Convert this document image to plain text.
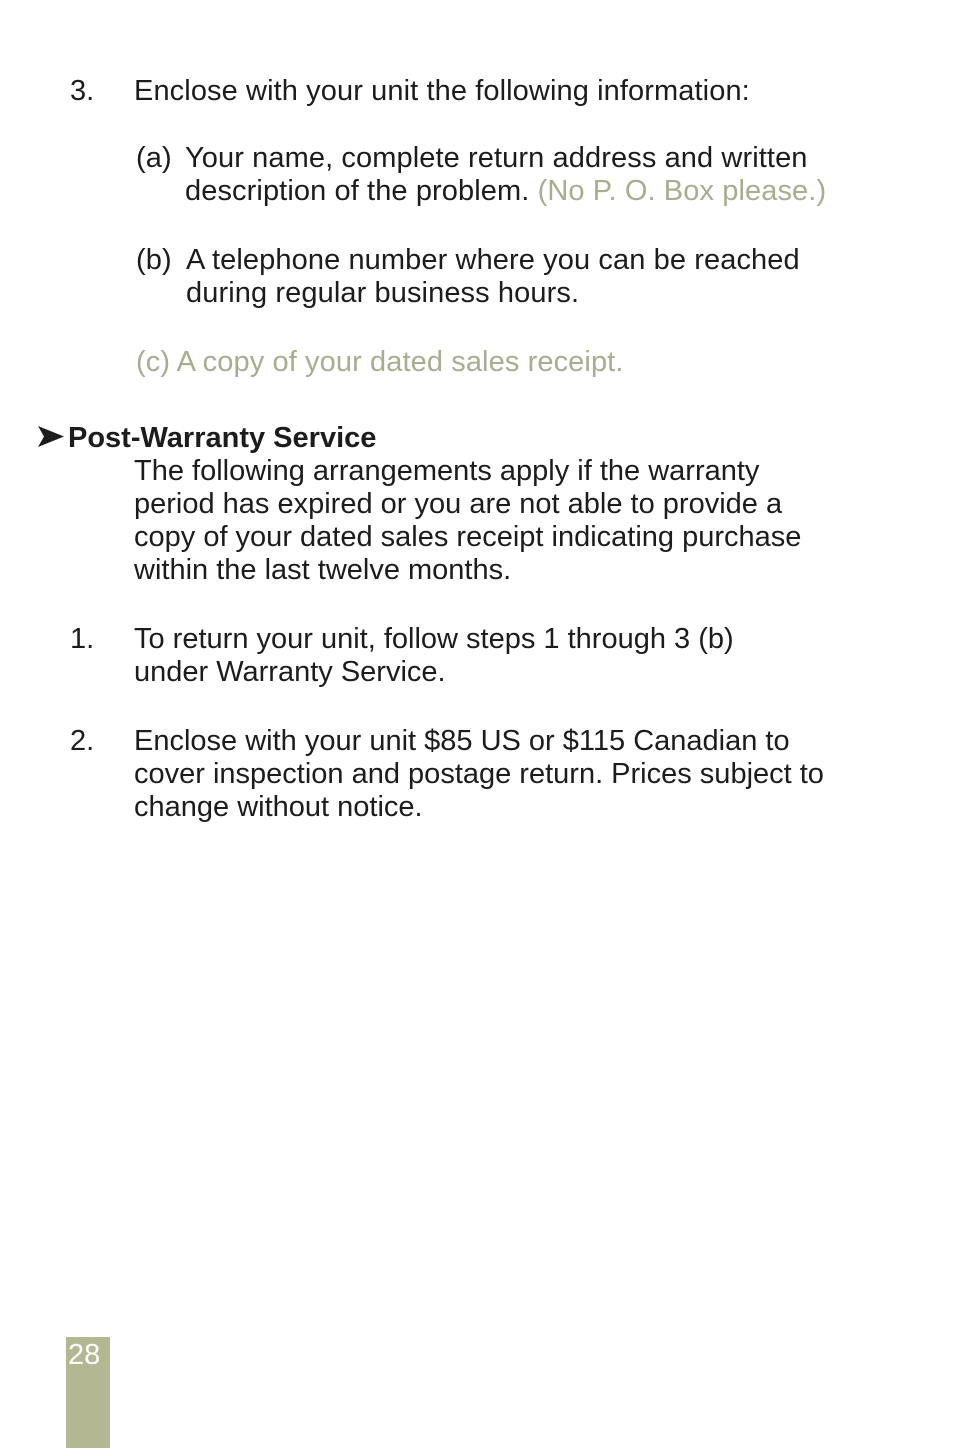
3. Enclose with your unit the following information:
(a) Your name, complete return address and written
description of the problem. (No P. O. Box please.)
(b) A telephone number where you can be reached
during regular business hours.
(c) A copy of your dated sales receipt.
Post-Warranty Service
The following arrangements apply if the warranty
period has expired or you are not able to provide a
copy of your dated sales receipt indicating purchase
within the last twelve months.
1. To return your unit, follow steps 1 through 3 (b)
under Warranty Service.
2. Enclose with your unit $85 US or $115 Canadian to
cover inspection and postage return. Prices subject to
change without notice.
28
